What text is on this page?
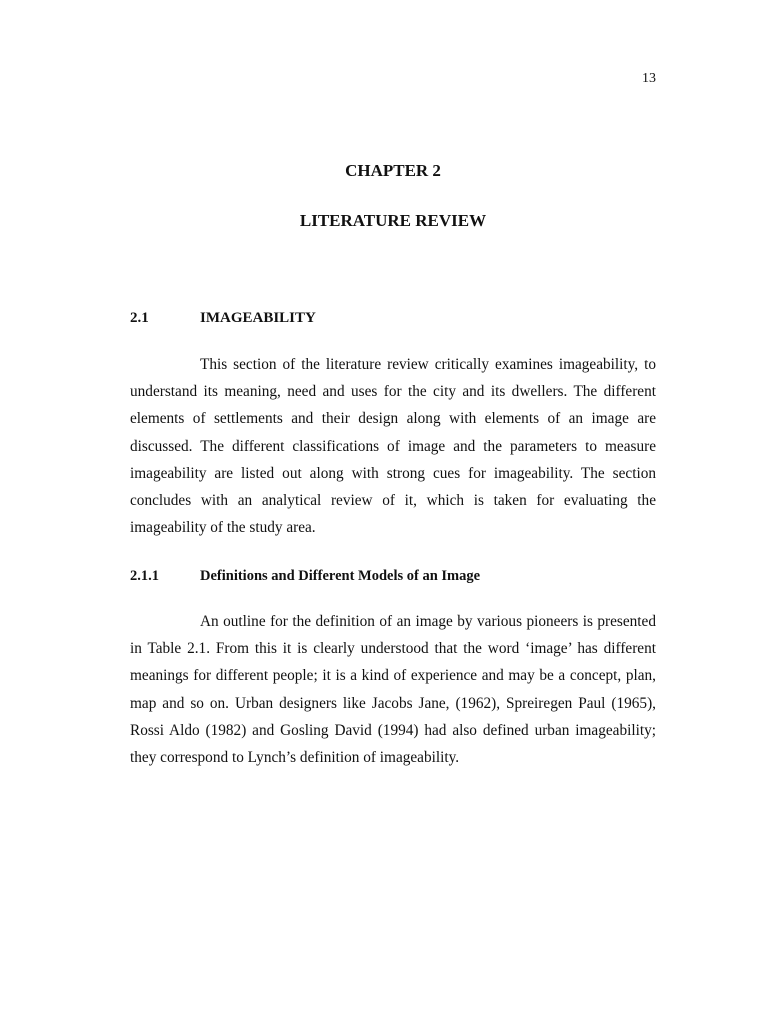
13
CHAPTER 2
LITERATURE REVIEW
2.1	IMAGEABILITY

This section of the literature review critically examines imageability, to understand its meaning, need and uses for the city and its dwellers. The different elements of settlements and their design along with elements of an image are discussed. The different classifications of image and the parameters to measure imageability are listed out along with strong cues for imageability. The section concludes with an analytical review of it, which is taken for evaluating the imageability of the study area.

2.1.1	Definitions and Different Models of an Image

An outline for the definition of an image by various pioneers is presented in Table 2.1. From this it is clearly understood that the word ‘image’ has different meanings for different people; it is a kind of experience and may be a concept, plan, map and so on. Urban designers like Jacobs Jane, (1962), Spreiregen Paul (1965), Rossi Aldo (1982) and Gosling David (1994) had also defined urban imageability; they correspond to Lynch’s definition of imageability.
